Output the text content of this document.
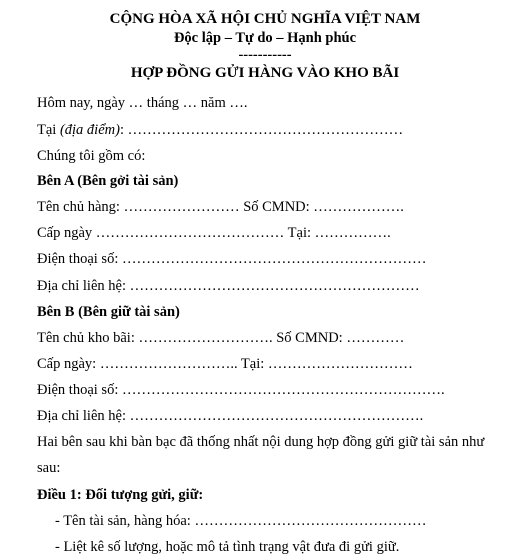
CỘNG HÒA XÃ HỘI CHỦ NGHĨA VIỆT NAM
Độc lập – Tự do – Hạnh phúc
-----------
HỢP ĐỒNG GỬI HÀNG VÀO KHO BÃI
Hôm nay, ngày … tháng … năm ….
Tại (địa điểm): …………………………………………………
Chúng tôi gồm có:
Bên A (Bên gởi tài sản)
Tên chủ hàng: …………………… Số CMND: ……………….
Cấp ngày ………………………………… Tại: …………….
Điện thoại số: ………………………………………………………
Địa chỉ liên hệ: ……………………………………………………
Bên B (Bên giữ tài sản)
Tên chủ kho bãi: ………………………. Số CMND: …………
Cấp ngày: ……………………….. Tại: …………………………
Điện thoại số: ………………………………………………………….
Địa chỉ liên hệ: …………………………………………………….
Hai bên sau khi bàn bạc đã thống nhất nội dung hợp đồng gửi giữ tài sản như
sau:
Điều 1: Đối tượng gửi, giữ:
- Tên tài sản, hàng hóa: …………………………………………
- Liệt kê số lượng, hoặc mô tả tình trạng vật đưa đi gửi giữ.
